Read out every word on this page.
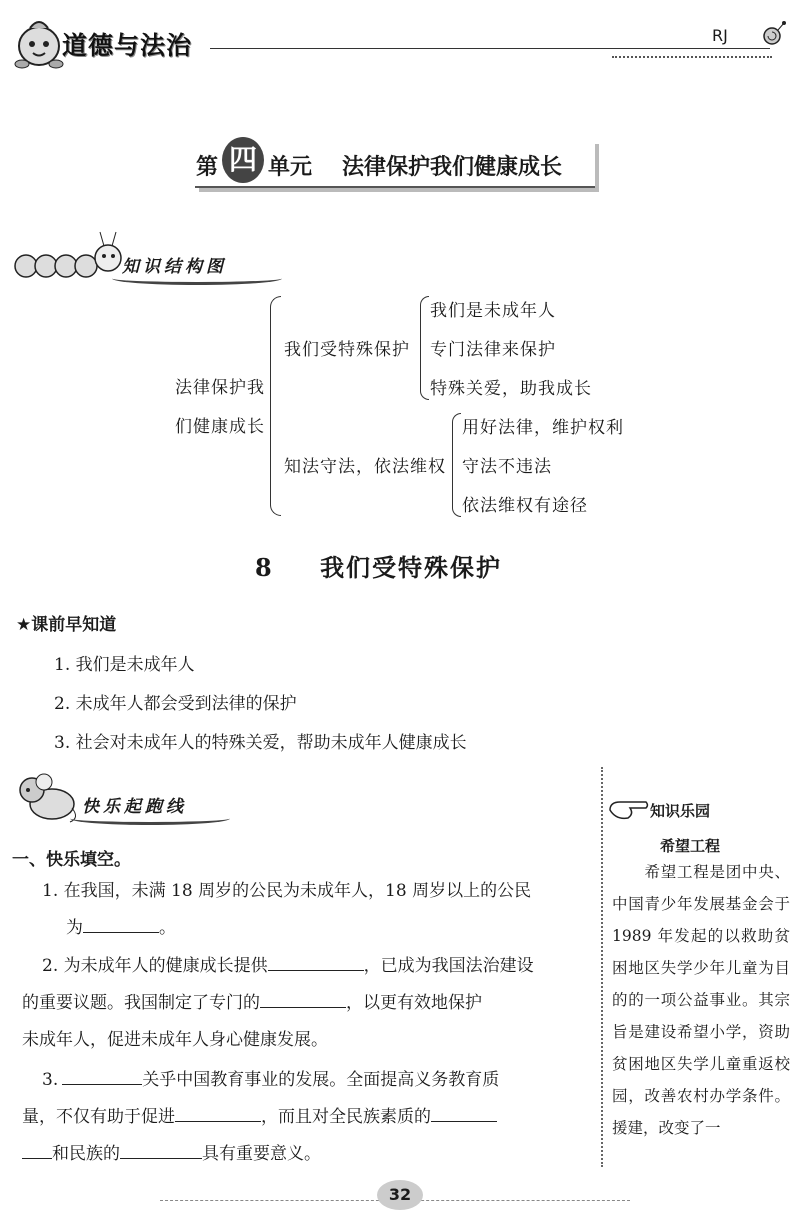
道德与法治	RJ
第 四 单元 法律保护我们健康成长
知识结构图
法律保护我
们健康成长
我们受特殊保护
我们是未成年人
专门法律来保护
特殊关爱，助我成长
知法守法，依法维权
用好法律，维护权利
守法不违法
依法维权有途径
8 我们受特殊保护
★课前早知道
1. 我们是未成年人
2. 未成年人都会受到法律的保护
3. 社会对未成年人的特殊关爱，帮助未成年人健康成长
快乐起跑线
一、快乐填空。
1. 在我国，未满 18 周岁的公民为未成年人，18 周岁以上的公民
为	。
2. 为未成年人的健康成长提供	，已成为我国法治建设
的重要议题。我国制定了专门的	，以更有效地保护
未成年人，促进未成年人身心健康发展。
3.	关乎中国教育事业的发展。全面提高义务教育质
量，不仅有助于促进	，而且对全民族素质的
和民族的	具有重要意义。
知识乐园
希望工程
　　希望工程是团中央、中国青少年发展基金会于1989 年发起的以救助贫困地区失学少年儿童为目的的一项公益事业。其宗旨是建设希望小学，资助贫困地区失学儿童重返校园，改善农村办学条件。援建，改变了一
32
